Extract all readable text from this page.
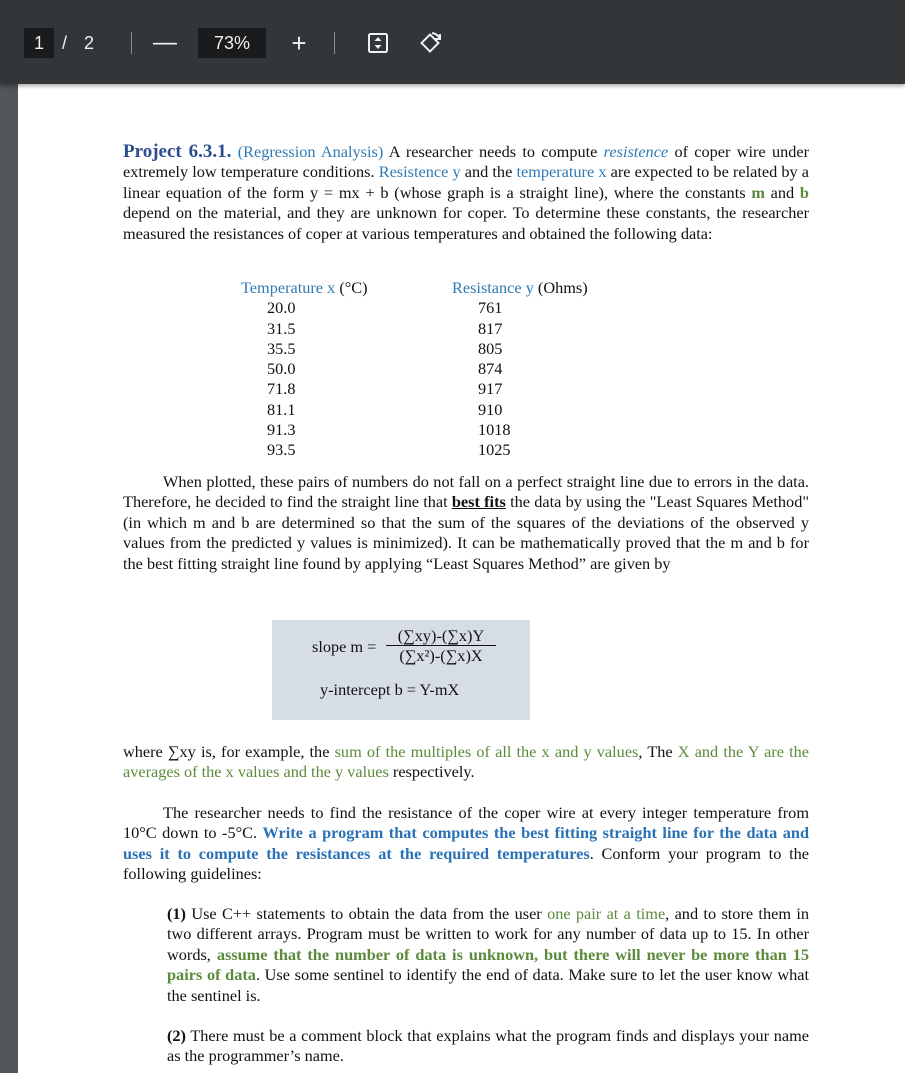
1	/ 2 —	73%	+

Project 6.3.1. (Regression Analysis) A researcher needs to compute resistence of coper wire under extremely low temperature conditions. Resistence y and the temperature x are expected to be related by a linear equation of the form y = mx + b (whose graph is a straight line), where the constants m and b depend on the material, and they are unknown for coper. To determine these constants, the researcher measured the resistances of coper at various temperatures and obtained the following data:

Temperature x (°C)	Resistance y (Ohms)
20.0	761
31.5	817
35.5	805
50.0	874
71.8	917
81.1	910
91.3	1018
93.5	1025

When plotted, these pairs of numbers do not fall on a perfect straight line due to errors in the data. Therefore, he decided to find the straight line that best fits the data by using the "Least Squares Method" (in which m and b are determined so that the sum of the squares of the deviations of the observed y values from the predicted y values is minimized). It can be mathematically proved that the m and b for the best fitting straight line found by applying “Least Squares Method” are given by

slope $m = \frac{(\sum xy)-(\sum x)Y}{\text{(∑x²)-(∑x)X}}$
y-intercept b = Y-mX

where ∑xy is, for example, the sum of the multiples of all the x and y values, The X and the Y are the averages of the x values and the y values respectively.

The researcher needs to find the resistance of the coper wire at every integer temperature from 10°C down to -5°C. Write a program that computes the best fitting straight line for the data and uses it to compute the resistances at the required temperatures. Conform your program to the following guidelines:

(1) Use C++ statements to obtain the data from the user one pair at a time, and to store them in two different arrays. Program must be written to work for any number of data up to 15. In other words, assume that the number of data is unknown, but there will never be more than 15 pairs of data. Use some sentinel to identify the end of data. Make sure to let the user know what the sentinel is.

(2) There must be a comment block that explains what the program finds and displays your name as the programmer’s name.
